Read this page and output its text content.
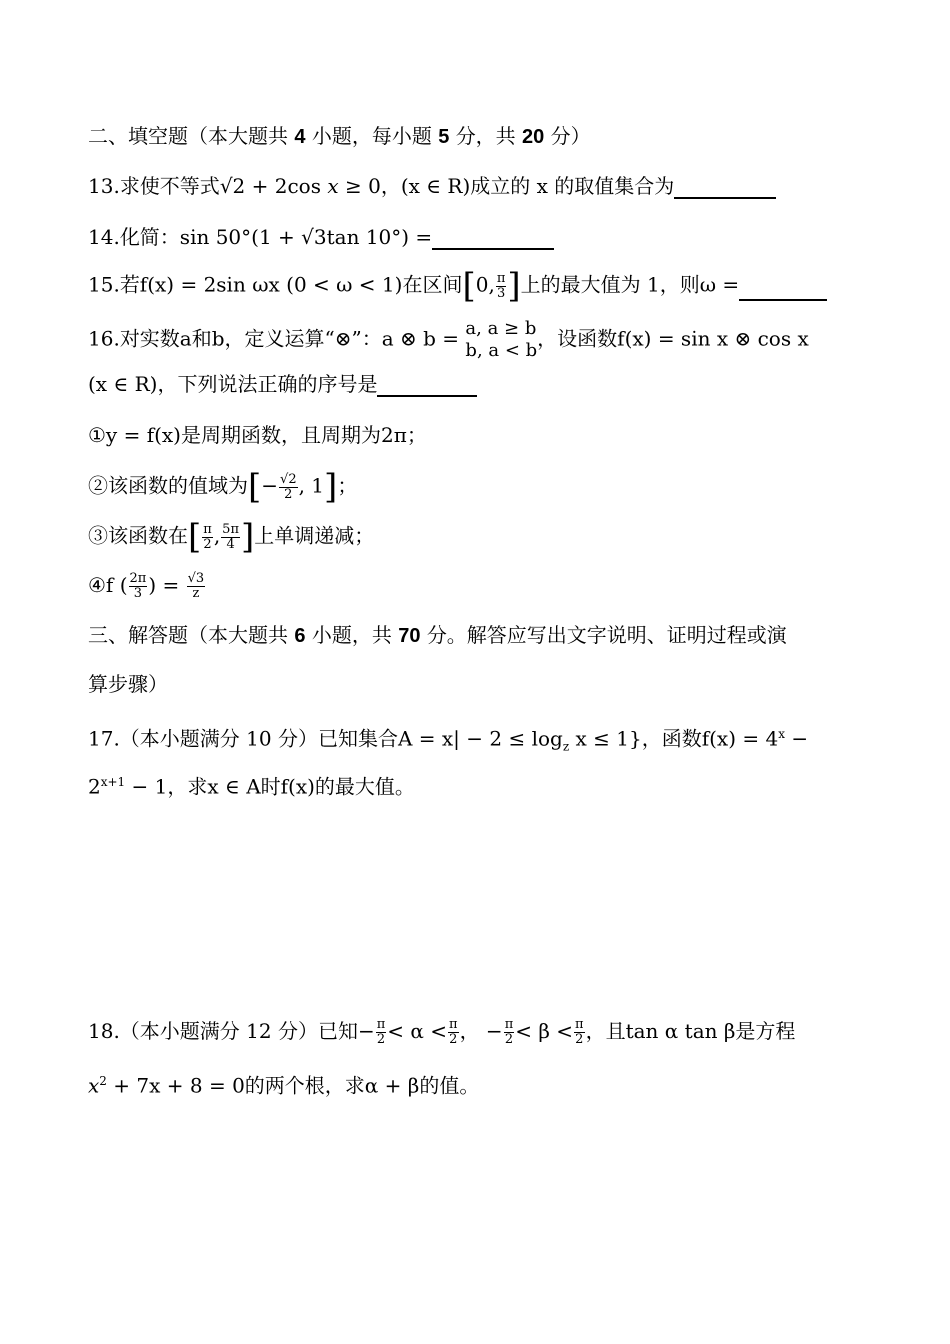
二、填空题（本大题共 4 小题，每小题 5 分，共 20 分）
13.求使不等式√2 + 2cos x ≥ 0，(x ∈ R)成立的 x 的取值集合为
14.化简：sin 50°(1 + √3tan 10°) =
15.若f(x) = 2sin ωx (0 < ω < 1)在区间[0, $\frac{\pi}{3}$ ]上的最大值为 1，则ω =
16.对实数a和b，定义运算“⊗”：a ⊗ b = a, a ≥ b
b, a < b ，设函数f(x) = sin x ⊗ cos x
(x ∈ R)，下列说法正确的序号是
①y = f(x)是周期函数，且周期为2π；
②该函数的值域为[− $\frac{√2}{2}$ , 1]；
③该函数在[ $\frac{\pi}{2}$ , $\frac{5\pi}{4}$ ]上单调递减；
④f ( $\frac{2\pi}{3}$ ) = $\frac{√3}{z}$
三、解答题（本大题共 6 小题，共 70 分。解答应写出文字说明、证明过程或演
算步骤）
17.（本小题满分 10 分）已知集合$A = x| - 2 \le \log_z x \le 1$}，函数$f(x) = 4^x$ −
$2^{x+1} - 1$，求x ∈ A时f(x)的最大值。
18.（本小题满分 12 分）已知− $\frac{\pi}{2} < \alpha < \frac{\pi}{2}$ ， − $\frac{\pi}{2} < \beta < \frac{\pi}{2}$ ，且tan α tan β是方程
$x^2 + 7x + 8 = 0$的两个根，求α + β的值。
